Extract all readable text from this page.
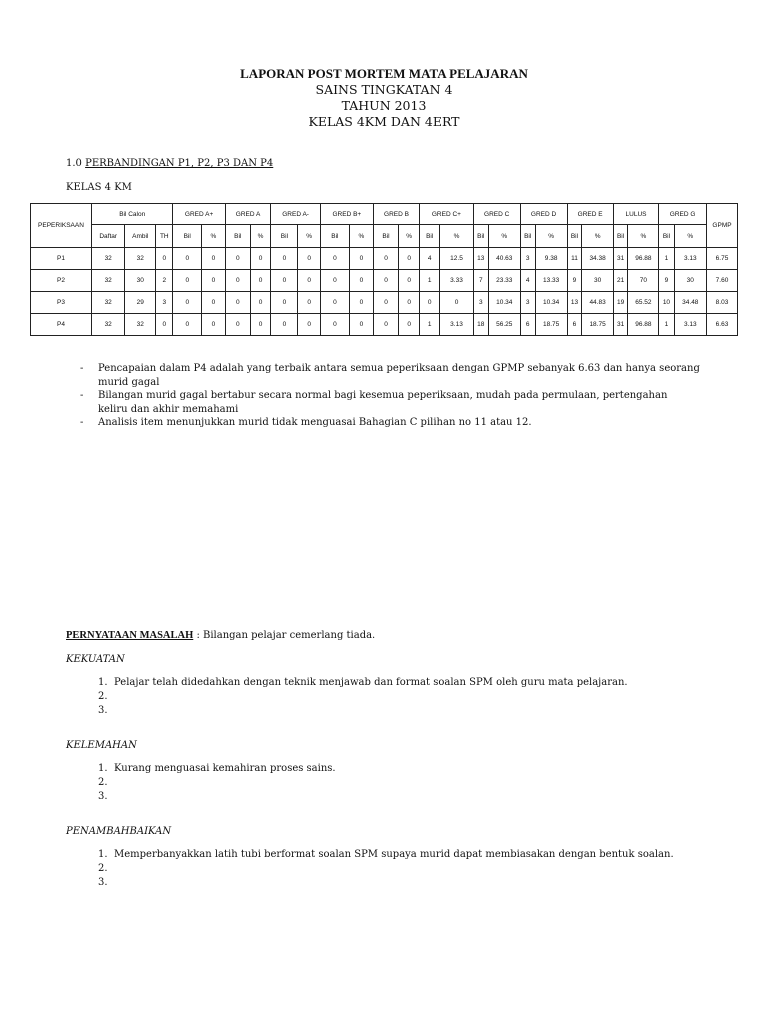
LAPORAN POST MORTEM MATA PELAJARAN
SAINS TINGKATAN 4
TAHUN 2013
KELAS 4KM DAN 4ERT
1.0 PERBANDINGAN P1, P2, P3 DAN P4
KELAS 4 KM
PEPERIKSAAN	Bil Calon			GRED A+		GRED A		GRED A-		GRED B+		GRED B		GRED C+		GRED C		GRED D		GRED E		LULUS		GRED G		GPMP
	Daftar	Ambil	TH	Bil	%	Bil	%	Bil	%	Bil	%	Bil	%	Bil	%	Bil	%	Bil	%	Bil	%	Bil	%	Bil	%	
P1	32	32	0	0	0	0	0	0	0	0	0	0	0	4	12.5	13	40.63	3	9.38	11	34.38	31	96.88	1	3.13	6.75
P2	32	30	2	0	0	0	0	0	0	0	0	0	0	1	3.33	7	23.33	4	13.33	9	30	21	70	9	30	7.60
P3	32	29	3	0	0	0	0	0	0	0	0	0	0	0	0	3	10.34	3	10.34	13	44.83	19	65.52	10	34.48	8.03
P4	32	32	0	0	0	0	0	0	0	0	0	0	0	1	3.13	18	56.25	6	18.75	6	18.75	31	96.88	1	3.13	6.63
- Pencapaian dalam P4 adalah yang terbaik antara semua peperiksaan dengan GPMP sebanyak 6.63 dan hanya seorang murid gagal
- Bilangan murid gagal bertabur secara normal bagi kesemua peperiksaan, mudah pada permulaan, pertengahan keliru dan akhir memahami
- Analisis item menunjukkan murid tidak menguasai Bahagian C pilihan no 11 atau 12.
PERNYATAAN MASALAH : Bilangan pelajar cemerlang tiada.
KEKUATAN
1. Pelajar telah didedahkan dengan teknik menjawab dan format soalan SPM oleh guru mata pelajaran.
2.
3.
KELEMAHAN
1. Kurang menguasai kemahiran proses sains.
2.
3.
PENAMBAHBAIKAN
1. Memperbanyakkan latih tubi berformat soalan SPM supaya murid dapat membiasakan dengan bentuk soalan.
2.
3.
